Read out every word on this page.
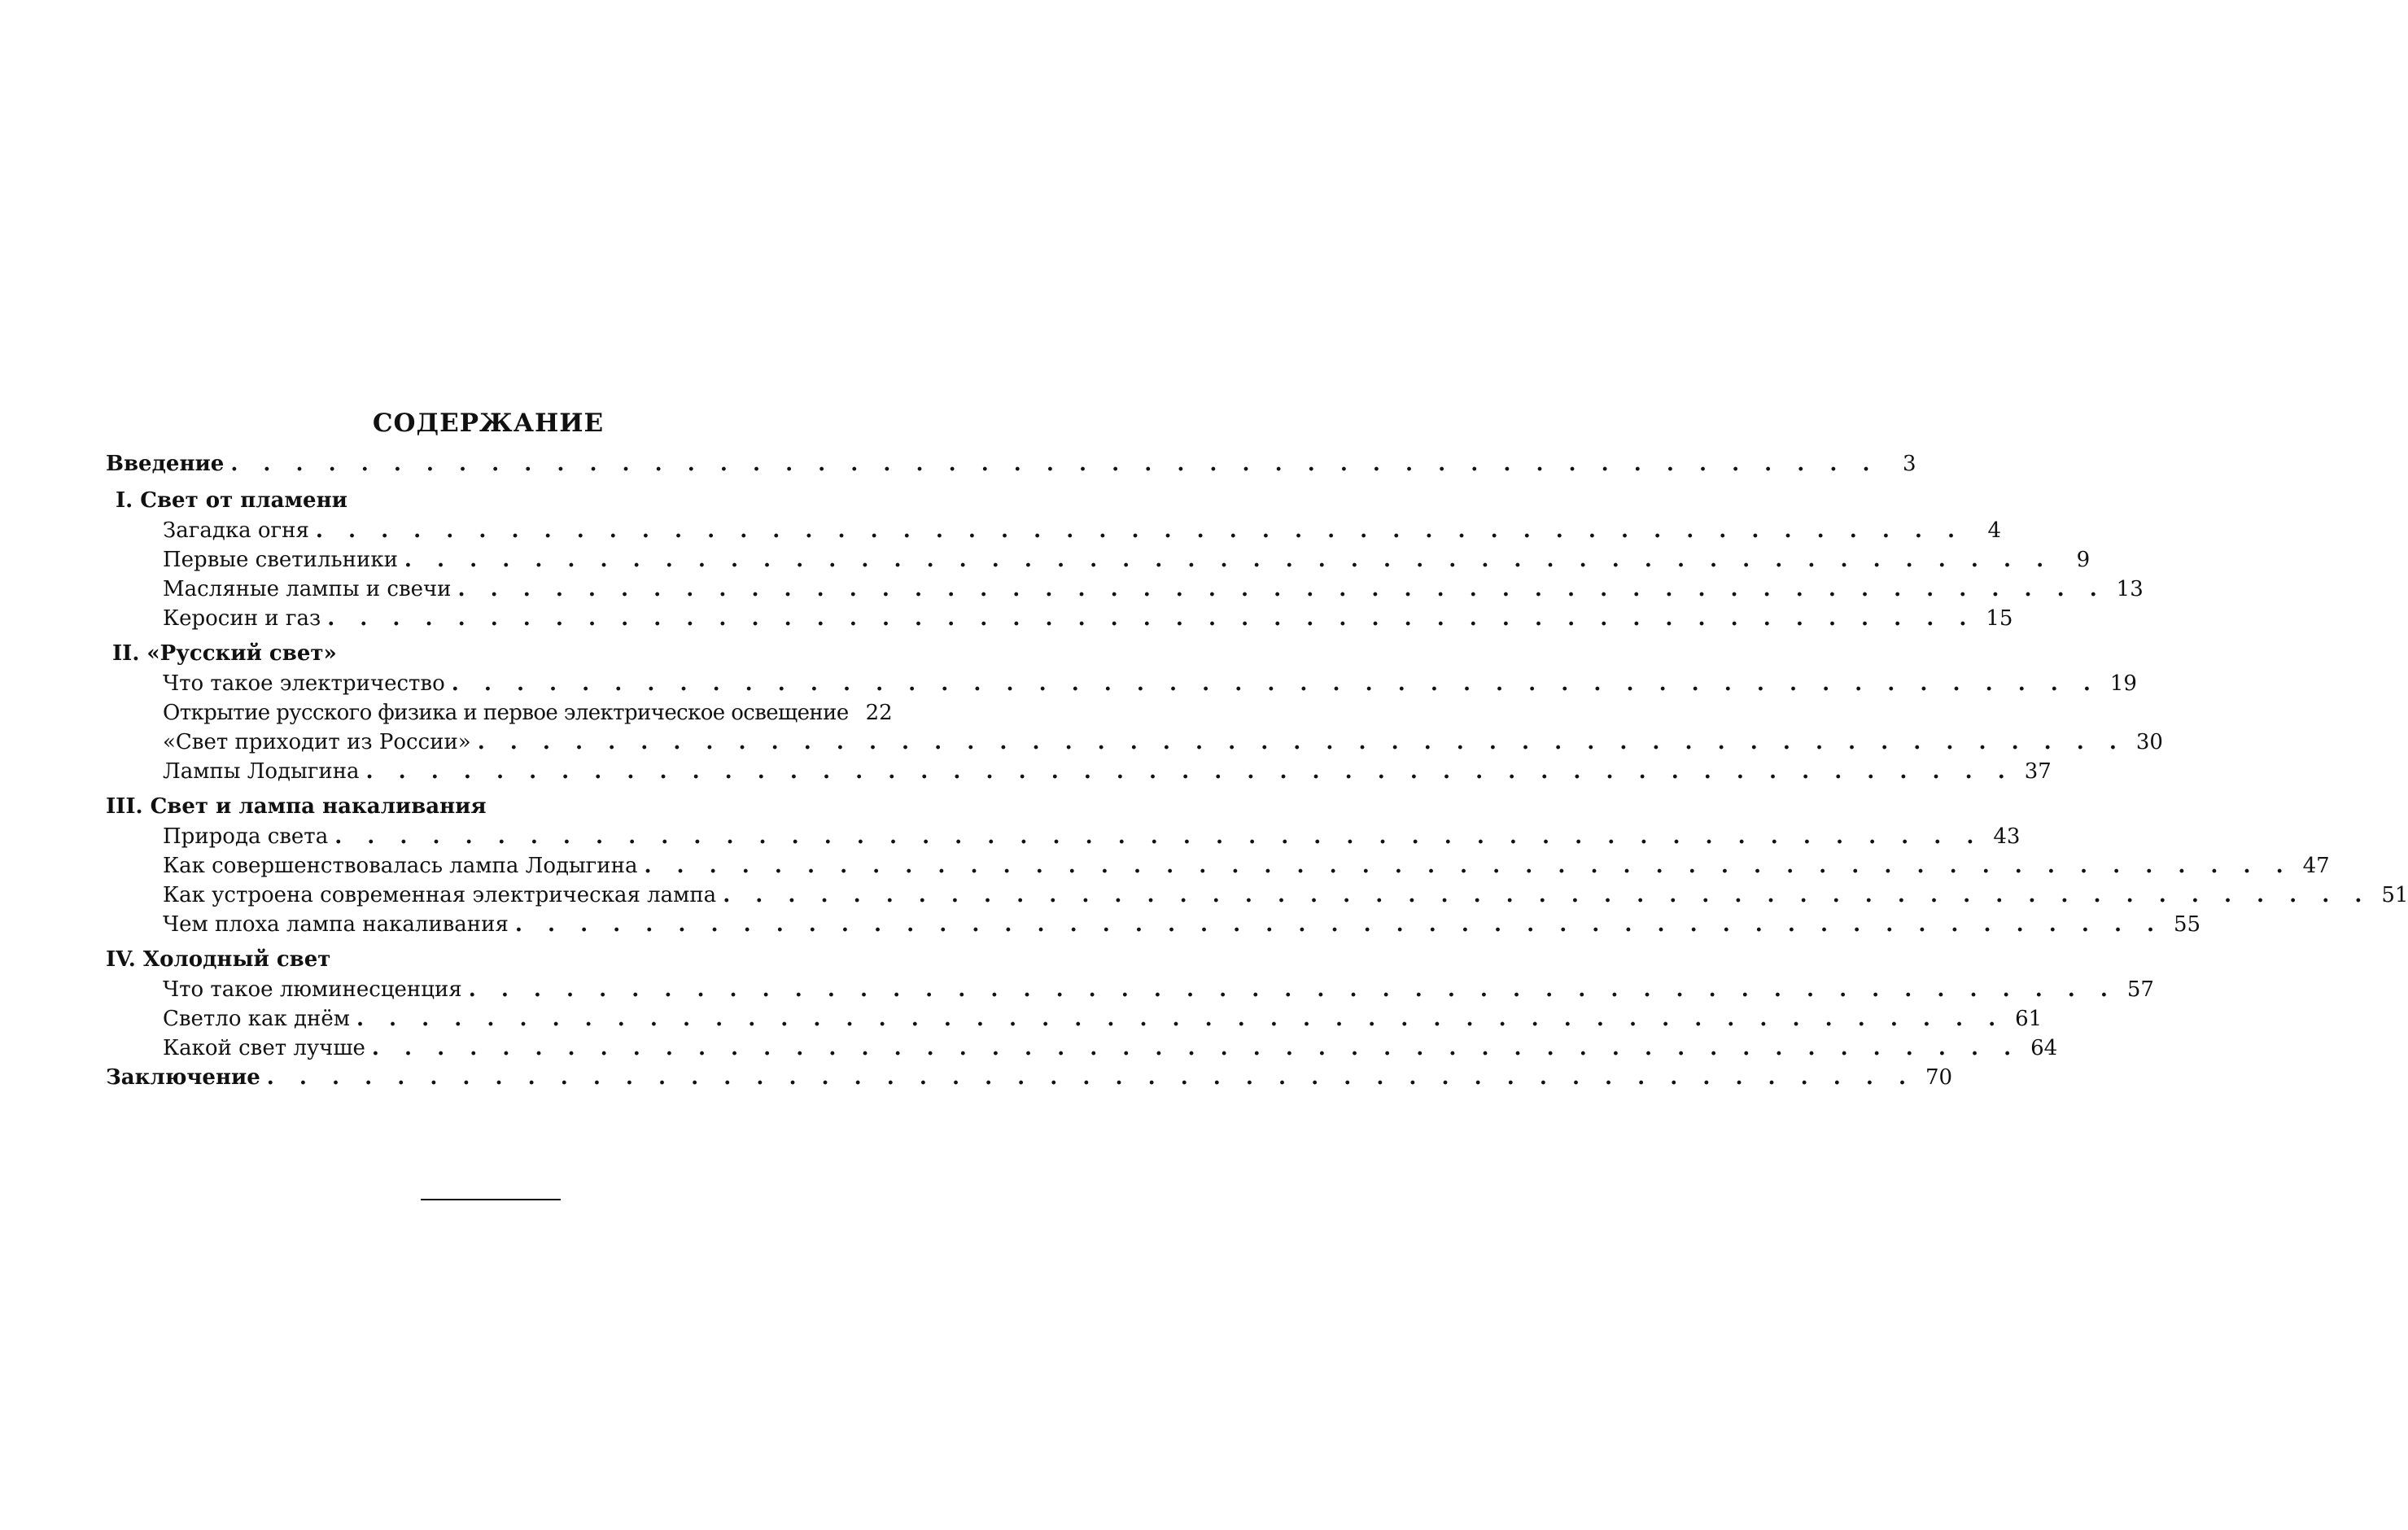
СОДЕРЖАНИЕ
Введение . . . . . . . . . . . . . . . . . . . . . . . . . . . . . . . . . . . . . . . . . . . . . . . . . . .	3
I. Свет от пламени
Загадка огня . . . . . . . . . . . . . . . . . . . . . . . . . . . . . . . . . . . . . . . . . . . . . . . . . . .	4
Первые светильники . . . . . . . . . . . . . . . . . . . . . . . . . . . . . . . . . . . . . . . . . . . . . . . . . . .	9
Масляные лампы и свечи . . . . . . . . . . . . . . . . . . . . . . . . . . . . . . . . . . . . . . . . . . . . . . . . . . . 13
Керосин и газ . . . . . . . . . . . . . . . . . . . . . . . . . . . . . . . . . . . . . . . . . . . . . . . . . . . 15
II. «Русский свет»
Что такое электричество . . . . . . . . . . . . . . . . . . . . . . . . . . . . . . . . . . . . . . . . . . . . . . . . . . . 19
Открытие русского физика и первое электрическое освещение 22
«Свет приходит из России» . . . . . . . . . . . . . . . . . . . . . . . . . . . . . . . . . . . . . . . . . . . . . . . . . . . 30
Лампы Лодыгина . . . . . . . . . . . . . . . . . . . . . . . . . . . . . . . . . . . . . . . . . . . . . . . . . . . 37
III. Свет и лампа накаливания
Природа света . . . . . . . . . . . . . . . . . . . . . . . . . . . . . . . . . . . . . . . . . . . . . . . . . . . 43
Как совершенствовалась лампа Лодыгина . . . . . . . . . . . . . . . . . . . . . . . . . . . . . . . . . . . . . . . . . . . . . . . . . . . 47
Как устроена современная электрическая лампа . . . . . . . . . . . . . . . . . . . . . . . . . . . . . . . . . . . . . . . . . . . . . . . . . . . 51
Чем плоха лампа накаливания . . . . . . . . . . . . . . . . . . . . . . . . . . . . . . . . . . . . . . . . . . . . . . . . . . . 55
IV. Холодный свет
Что такое люминесценция . . . . . . . . . . . . . . . . . . . . . . . . . . . . . . . . . . . . . . . . . . . . . . . . . . . 57
Светло как днём . . . . . . . . . . . . . . . . . . . . . . . . . . . . . . . . . . . . . . . . . . . . . . . . . . . 61
Какой свет лучше . . . . . . . . . . . . . . . . . . . . . . . . . . . . . . . . . . . . . . . . . . . . . . . . . . . 64
Заключение . . . . . . . . . . . . . . . . . . . . . . . . . . . . . . . . . . . . . . . . . . . . . . . . . . . 70
